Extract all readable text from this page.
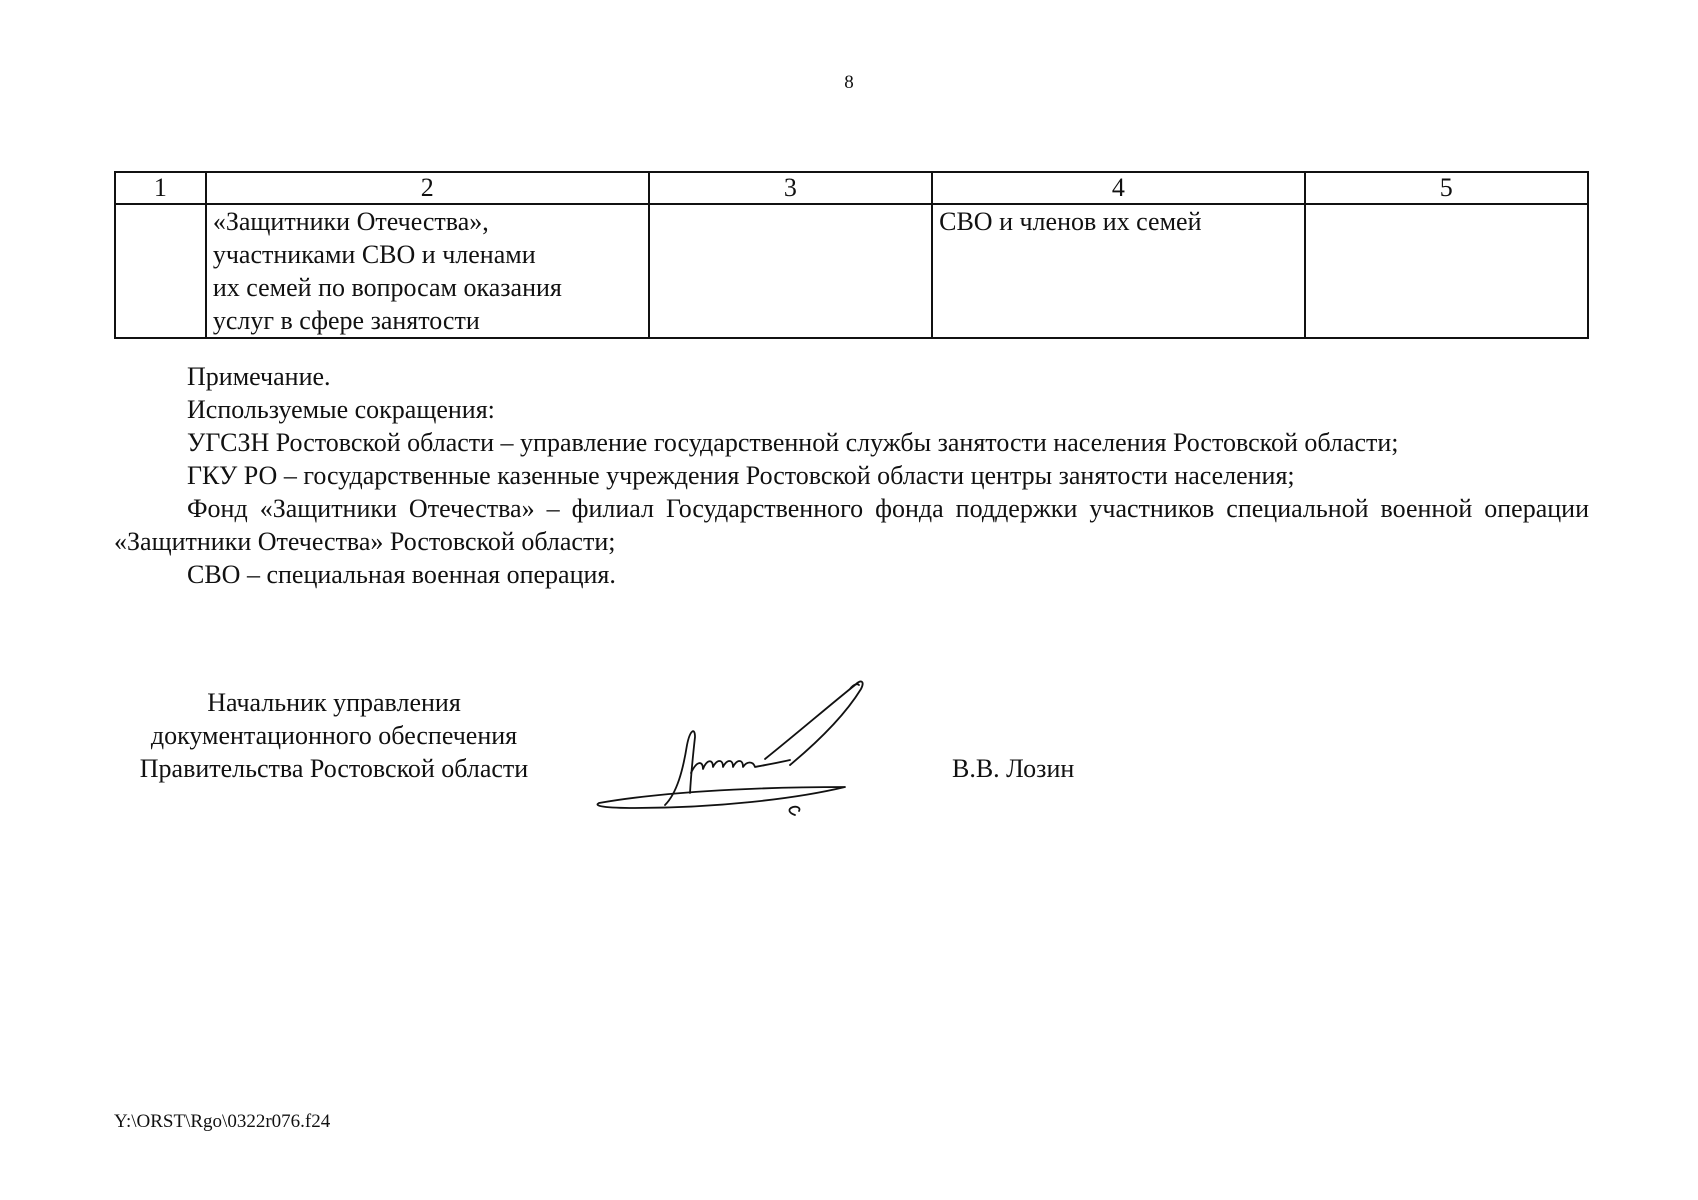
8
1	2	3	4	5

	«Защитники Отечества»,
участниками СВО и членами
их семей по вопросам оказания
услуг в сфере занятости		СВО и членов их семей	

Примечание.

Используемые сокращения:

УГСЗН Ростовской области – управление государственной службы занятости населения Ростовской области;

ГКУ РО – государственные казенные учреждения Ростовской области центры занятости населения;

Фонд «Защитники Отечества» – филиал Государственного фонда поддержки участников специальной военной операции «Защитники Отечества» Ростовской области;

СВО – специальная военная операция.

Начальник управления
документационного обеспечения
Правительства Ростовской области	В.В. Лозин
Y:\ORST\Rgo\0322r076.f24
